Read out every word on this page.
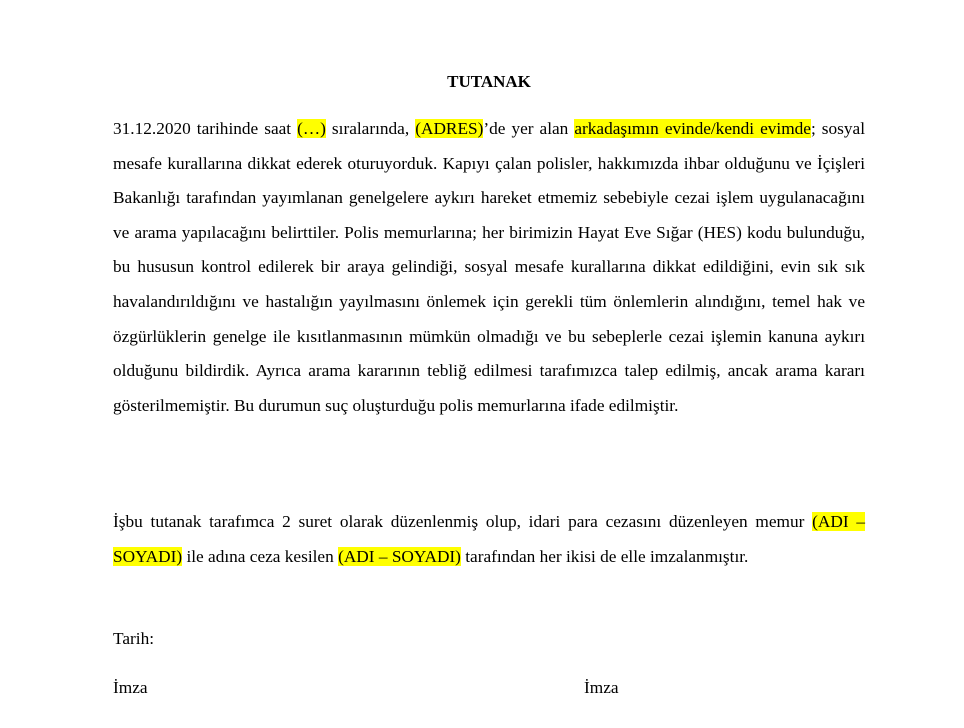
TUTANAK

31.12.2020 tarihinde saat (…) sıralarında, (ADRES)’de yer alan arkadaşımın evinde/kendi evimde; sosyal mesafe kurallarına dikkat ederek oturuyorduk. Kapıyı çalan polisler, hakkımızda ihbar olduğunu ve İçişleri Bakanlığı tarafından yayımlanan genelgelere aykırı hareket etmemiz sebebiyle cezai işlem uygulanacağını ve arama yapılacağını belirttiler. Polis memurlarına; her birimizin Hayat Eve Sığar (HES) kodu bulunduğu, bu hususun kontrol edilerek bir araya gelindiği, sosyal mesafe kurallarına dikkat edildiğini, evin sık sık havalandırıldığını ve hastalığın yayılmasını önlemek için gerekli tüm önlemlerin alındığını, temel hak ve özgürlüklerin genelge ile kısıtlanmasının mümkün olmadığı ve bu sebeplerle cezai işlemin kanuna aykırı olduğunu bildirdik. Ayrıca arama kararının tebliğ edilmesi tarafımızca talep edilmiş, ancak arama kararı gösterilmemiştir. Bu durumun suç oluşturduğu polis memurlarına ifade edilmiştir.

İşbu tutanak tarafımca 2 suret olarak düzenlenmiş olup, idari para cezasını düzenleyen memur (ADI – SOYADI) ile adına ceza kesilen (ADI – SOYADI) tarafından her ikisi de elle imzalanmıştır.

Tarih:

İmza	İmza
